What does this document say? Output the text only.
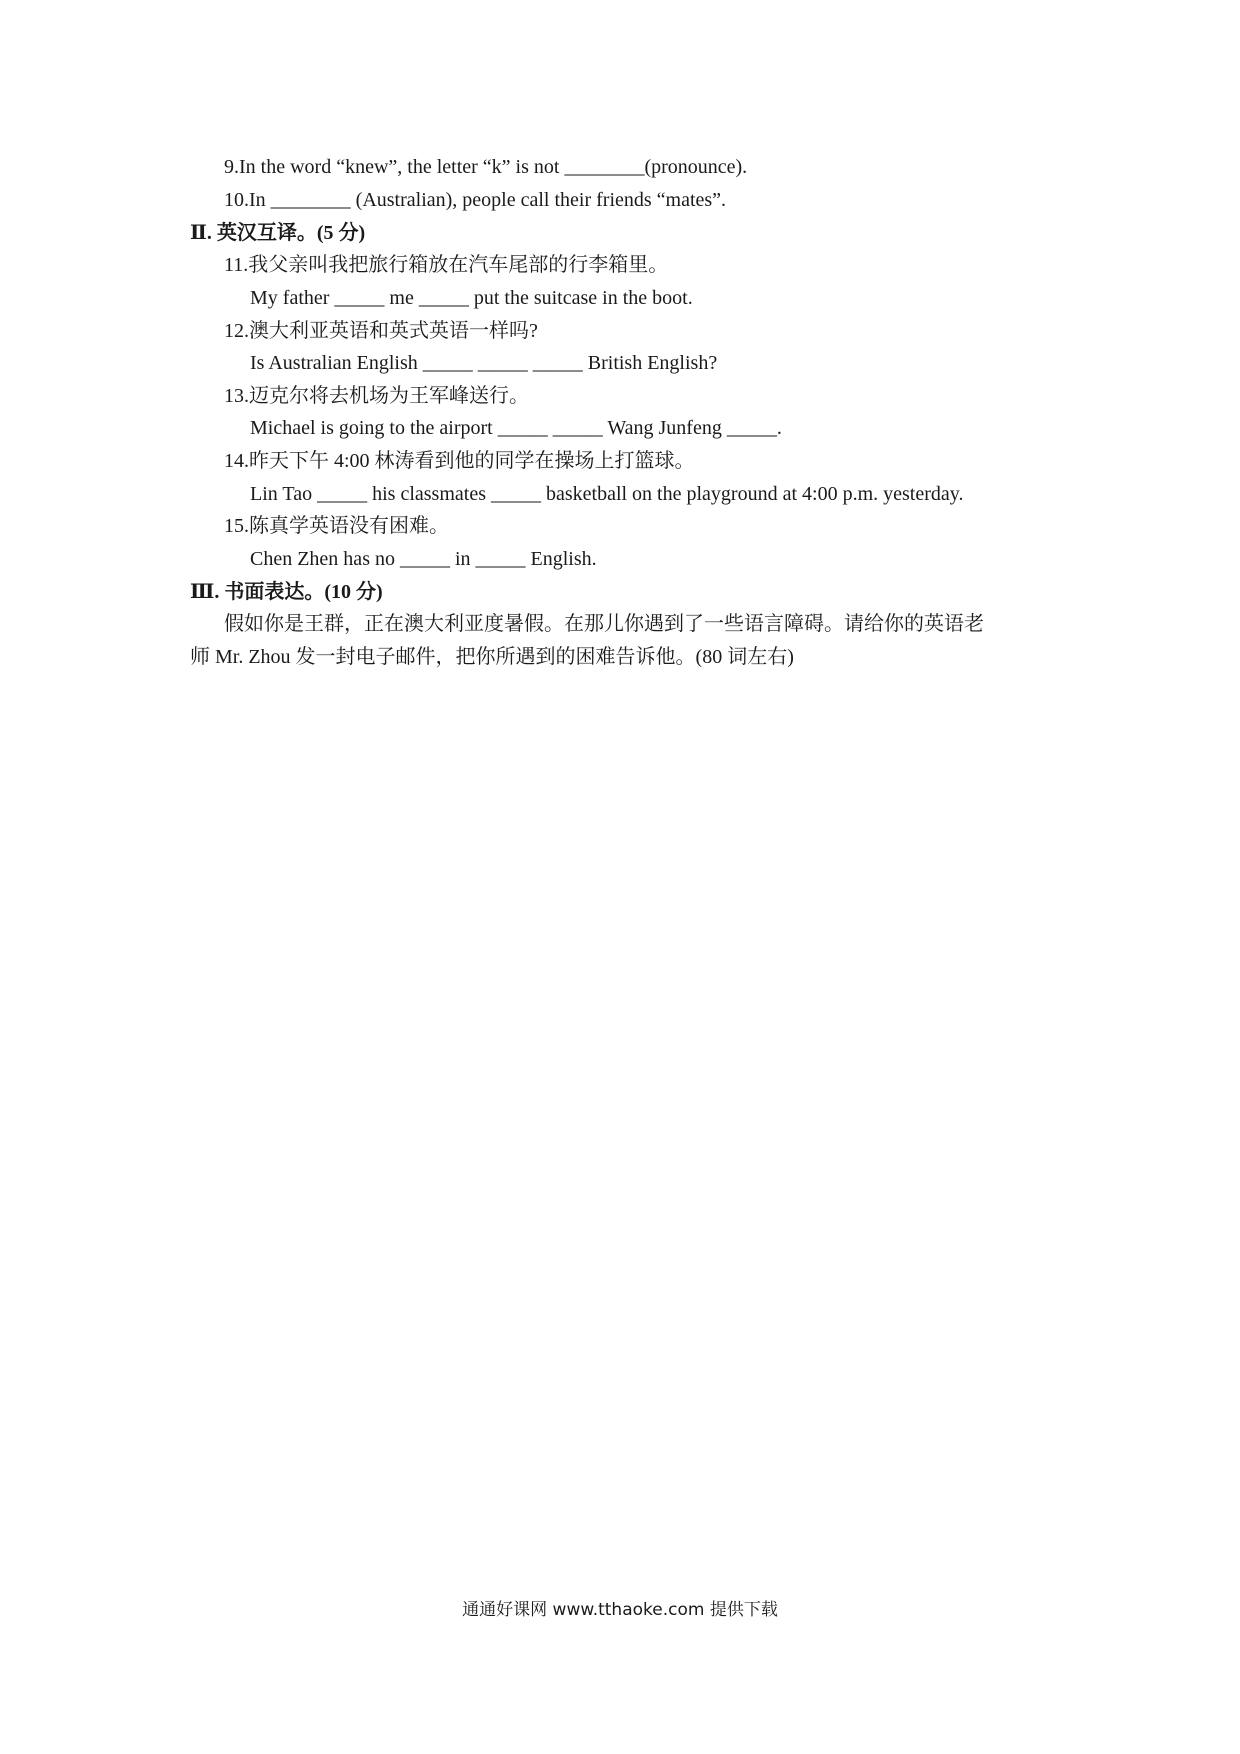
9.In the word “knew”, the letter “k” is not ________(pronounce).
10.In ________ (Australian), people call their friends “mates”.
Ⅱ. 英汉互译。(5 分)
11.我父亲叫我把旅行箱放在汽车尾部的行李箱里。
My father _____ me _____ put the suitcase in the boot.
12.澳大利亚英语和英式英语一样吗?
Is Australian English _____ _____ _____ British English?
13.迈克尔将去机场为王军峰送行。
Michael is going to the airport _____ _____ Wang Junfeng _____.
14.昨天下午 4:00 林涛看到他的同学在操场上打篮球。
Lin Tao _____ his classmates _____ basketball on the playground at 4:00 p.m. yesterday.
15.陈真学英语没有困难。
Chen Zhen has no _____ in _____ English.
Ⅲ. 书面表达。(10 分)
假如你是王群，正在澳大利亚度暑假。在那儿你遇到了一些语言障碍。请给你的英语老
师 Mr. Zhou 发一封电子邮件，把你所遇到的困难告诉他。(80 词左右)
通通好课网 www.tthaoke.com 提供下载
